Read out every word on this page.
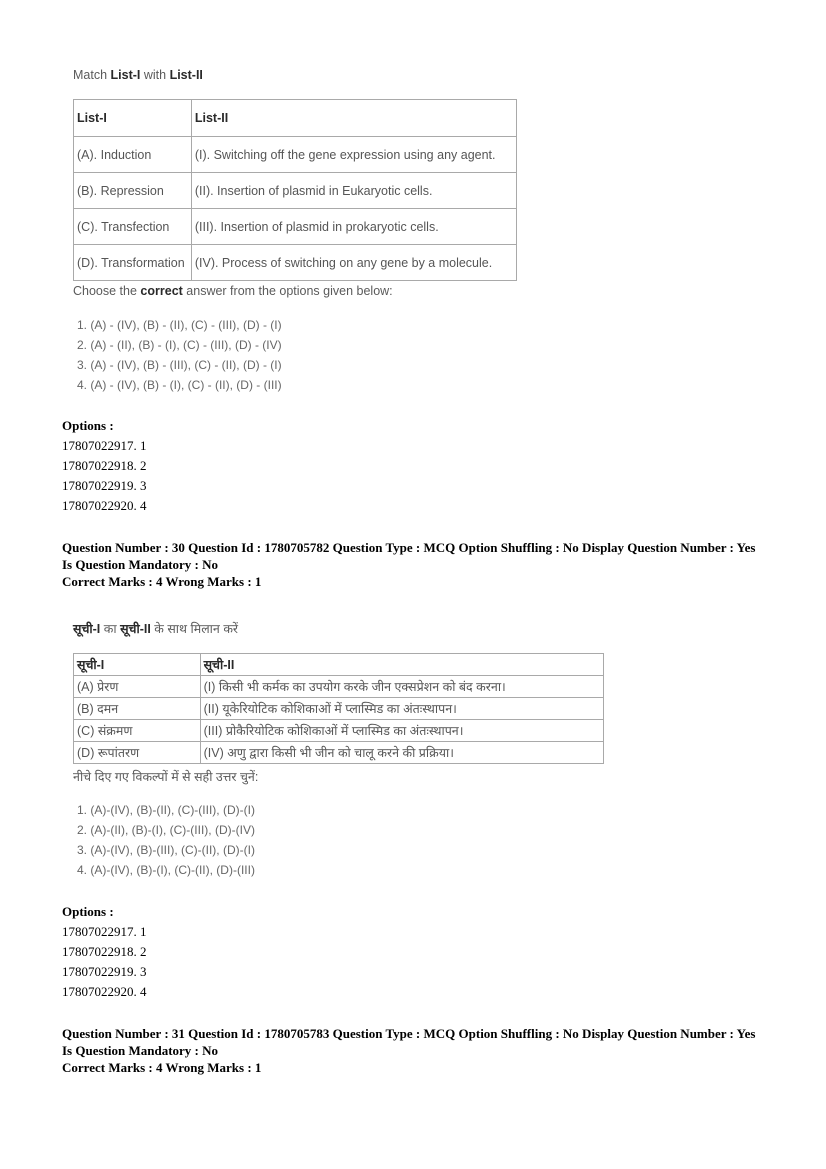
Match List-I with List-II
List-I	List-II
(A). Induction	(I). Switching off the gene expression using any agent.
(B). Repression	(II). Insertion of plasmid in Eukaryotic cells.
(C). Transfection	(III). Insertion of plasmid in prokaryotic cells.
(D). Transformation	(IV). Process of switching on any gene by a molecule.
Choose the correct answer from the options given below:
1. (A) - (IV), (B) - (II), (C) - (III), (D) - (I)
2. (A) - (II), (B) - (I), (C) - (III), (D) - (IV)
3. (A) - (IV), (B) - (III), (C) - (II), (D) - (I)
4. (A) - (IV), (B) - (I), (C) - (II), (D) - (III)
Options :
17807022917. 1
17807022918. 2
17807022919. 3
17807022920. 4
Question Number : 30 Question Id : 1780705782 Question Type : MCQ Option Shuffling : No Display Question Number : Yes
Is Question Mandatory : No
Correct Marks : 4 Wrong Marks : 1
सूची-I का सूची-II के साथ मिलान करें
सूची-I	सूची-II
(A) प्रेरण	(I) किसी भी कर्मक का उपयोग करके जीन एक्सप्रेशन को बंद करना।
(B) दमन	(II) यूकेरियोटिक कोशिकाओं में प्लास्मिड का अंतःस्थापन।
(C) संक्रमण	(III) प्रोकैरियोटिक कोशिकाओं में प्लास्मिड का अंतःस्थापन।
(D) रूपांतरण	(IV) अणु द्वारा किसी भी जीन को चालू करने की प्रक्रिया।
नीचे दिए गए विकल्पों में से सही उत्तर चुनें:
1. (A)-(IV), (B)-(II), (C)-(III), (D)-(I)
2. (A)-(II), (B)-(I), (C)-(III), (D)-(IV)
3. (A)-(IV), (B)-(III), (C)-(II), (D)-(I)
4. (A)-(IV), (B)-(I), (C)-(II), (D)-(III)
Options :
17807022917. 1
17807022918. 2
17807022919. 3
17807022920. 4
Question Number : 31 Question Id : 1780705783 Question Type : MCQ Option Shuffling : No Display Question Number : Yes
Is Question Mandatory : No
Correct Marks : 4 Wrong Marks : 1
